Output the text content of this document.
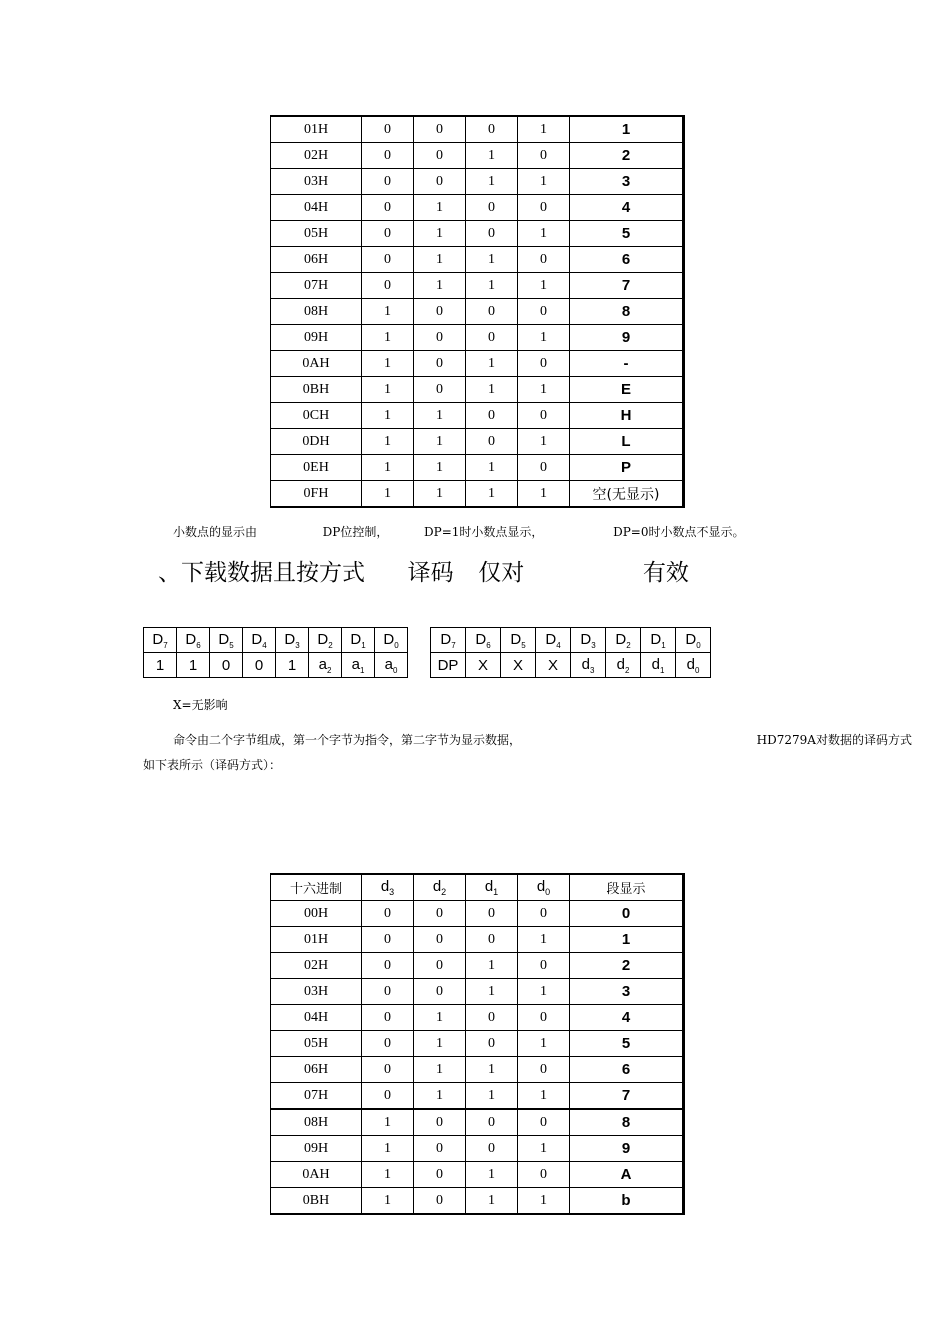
01H	0	0	0	1	1
02H	0	0	1	0	2
03H	0	0	1	1	3
04H	0	1	0	0	4
05H	0	1	0	1	5
06H	0	1	1	0	6
07H	0	1	1	1	7
08H	1	0	0	0	8
09H	1	0	0	1	9
0AH	1	0	1	0	-
0BH	1	0	1	1	E
0CH	1	1	0	0	H
0DH	1	1	0	1	L
0EH	1	1	1	0	P
0FH	1	1	1	1	空(无显示)
小数点的显示由	DP位控制，	DP=1时小数点显示，	DP=0时小数点不显示。
、下载数据且按方式 译码 仅对	有效
$D_7$	$D_6$	$D_5$	$D_4$	$D_3$	$D_2$	$D_1$	$D_0$
1	1	0	0	1	$a_2$	$a_1$	$a_0$
$D_7$	$D_6$	$D_5$	$D_4$	$D_3$	$D_2$	$D_1$	$D_0$
DP	X	X	X	$d_3$	$d_2$	$d_1$	$d_0$
X=无影响
命令由二个字节组成，第一个字节为指令，第二字节为显示数据，	HD7279A对数据的译码方式
如下表所示（译码方式）：
十六进制	$d_3$	$d_2$	$d_1$	$d_0$	段显示
00H	0	0	0	0	0
01H	0	0	0	1	1
02H	0	0	1	0	2
03H	0	0	1	1	3
04H	0	1	0	0	4
05H	0	1	0	1	5
06H	0	1	1	0	6
07H	0	1	1	1	7
08H	1	0	0	0	8
09H	1	0	0	1	9
0AH	1	0	1	0	A
0BH	1	0	1	1	b
